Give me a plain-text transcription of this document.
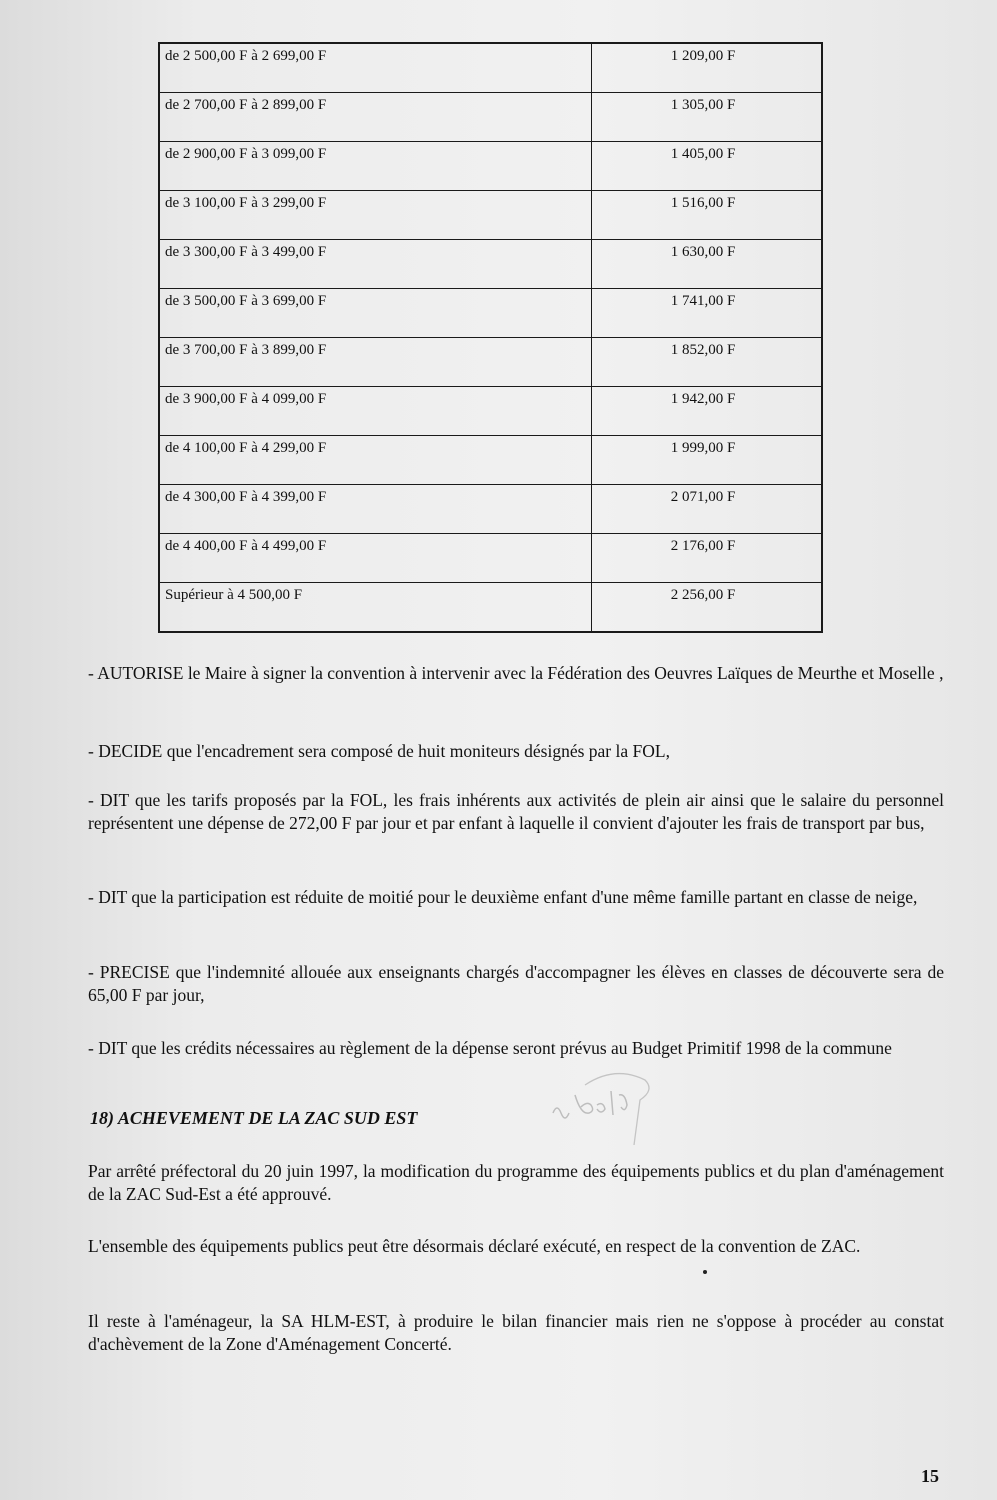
de 2 500,00 F à 2 699,00 F	1 209,00 F
de 2 700,00 F à 2 899,00 F	1 305,00 F
de 2 900,00 F à 3 099,00 F	1 405,00 F
de 3 100,00 F à 3 299,00 F	1 516,00 F
de 3 300,00 F à 3 499,00 F	1 630,00 F
de 3 500,00 F à 3 699,00 F	1 741,00 F
de 3 700,00 F à 3 899,00 F	1 852,00 F
de 3 900,00 F à 4 099,00 F	1 942,00 F
de 4 100,00 F à 4 299,00 F	1 999,00 F
de 4 300,00 F à 4 399,00 F	2 071,00 F
de 4 400,00 F à 4 499,00 F	2 176,00 F
Supérieur à 4 500,00 F	2 256,00 F

- AUTORISE le Maire à signer la convention à intervenir avec la Fédération des Oeuvres Laïques de Meurthe et Moselle ,

- DECIDE que l'encadrement sera composé de huit moniteurs désignés par la FOL,

- DIT que les tarifs proposés par la FOL, les frais inhérents aux activités de plein air ainsi que le salaire du personnel représentent une dépense de 272,00 F par jour et par enfant à laquelle il convient d'ajouter les frais de transport par bus,

- DIT que la participation est réduite de moitié pour le deuxième enfant d'une même famille partant en classe de neige,

- PRECISE que l'indemnité allouée aux enseignants chargés d'accompagner les élèves en classes de découverte sera de 65,00 F par jour,

- DIT que les crédits nécessaires au règlement de la dépense seront prévus au Budget Primitif 1998 de la commune

18) ACHEVEMENT DE LA ZAC SUD EST

Par arrêté préfectoral du 20 juin 1997, la modification du programme des équipements publics et du plan d'aménagement de la ZAC Sud-Est a été approuvé.

L'ensemble des équipements publics peut être désormais déclaré exécuté, en respect de la convention de ZAC.

Il reste à l'aménageur, la SA HLM-EST, à produire le bilan financier mais rien ne s'oppose à procéder au constat d'achèvement de la Zone d'Aménagement Concerté.

15
